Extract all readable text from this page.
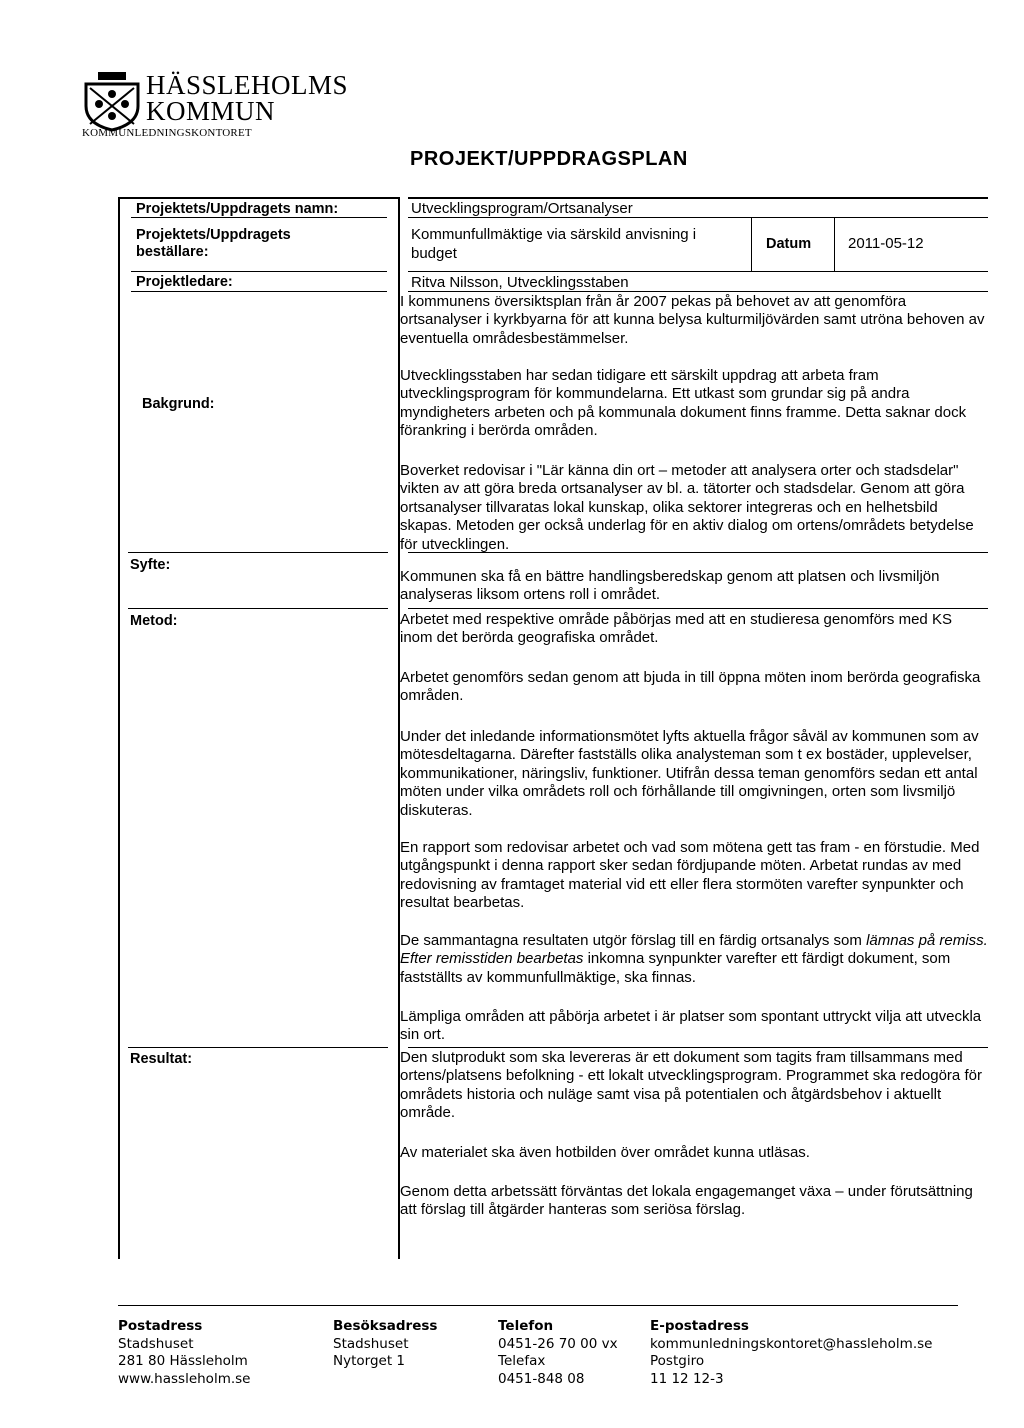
HÄSSLEHOLMS
KOMMUN
KOMMUNLEDNINGSKONTORET
PROJEKT/UPPDRAGSPLAN
Projektets/Uppdragets namn:
Projektets/Uppdragets
beställare:
Projektledare:
Bakgrund:
Syfte:
Metod:
Resultat:
Utvecklingsprogram/Ortsanalyser
Kommunfullmäktige via särskild anvisning i
budget
Datum 2011-05-12
Ritva Nilsson, Utvecklingsstaben

I kommunens översiktsplan från år 2007 pekas på behovet av att genomföra ortsanalyser i kyrkbyarna för att kunna belysa kulturmiljövärden samt utröna behoven av eventuella områdesbestämmelser.

Utvecklingsstaben har sedan tidigare ett särskilt uppdrag att arbeta fram utvecklingsprogram för kommundelarna. Ett utkast som grundar sig på andra myndigheters arbeten och på kommunala dokument finns framme. Detta saknar dock förankring i berörda områden.

Boverket redovisar i "Lär känna din ort – metoder att analysera orter och stadsdelar" vikten av att göra breda ortsanalyser av bl. a. tätorter och stadsdelar. Genom att göra ortsanalyser tillvaratas lokal kunskap, olika sektorer integreras och en helhetsbild skapas. Metoden ger också underlag för en aktiv dialog om ortens/områdets betydelse för utvecklingen.

Kommunen ska få en bättre handlingsberedskap genom att platsen och livsmiljön analyseras liksom ortens roll i området.

Arbetet med respektive område påbörjas med att en studieresa genomförs med KS inom det berörda geografiska området.

Arbetet genomförs sedan genom att bjuda in till öppna möten inom berörda geografiska områden.

Under det inledande informationsmötet lyfts aktuella frågor såväl av kommunen som av mötesdeltagarna. Därefter fastställs olika analysteman som t ex bostäder, upplevelser, kommunikationer, näringsliv, funktioner. Utifrån dessa teman genomförs sedan ett antal möten under vilka områdets roll och förhållande till omgivningen, orten som livsmiljö diskuteras.

En rapport som redovisar arbetet och vad som mötena gett tas fram - en förstudie. Med utgångspunkt i denna rapport sker sedan fördjupande möten. Arbetat rundas av med redovisning av framtaget material vid ett eller flera stormöten varefter synpunkter och resultat bearbetas.

De sammantagna resultaten utgör förslag till en färdig ortsanalys som lämnas på remiss. Efter remisstiden bearbetas inkomna synpunkter varefter ett färdigt dokument, som fastställts av kommunfullmäktige, ska finnas.

Lämpliga områden att påbörja arbetet i är platser som spontant uttryckt vilja att utveckla sin ort.

Den slutprodukt som ska levereras är ett dokument som tagits fram tillsammans med ortens/platsens befolkning - ett lokalt utvecklingsprogram. Programmet ska redogöra för områdets historia och nuläge samt visa på potentialen och åtgärdsbehov i aktuellt område.

Av materialet ska även hotbilden över området kunna utläsas.

Genom detta arbetssätt förväntas det lokala engagemanget växa – under förutsättning att förslag till åtgärder hanteras som seriösa förslag.

Postadress
Stadshuset
281 80 Hässleholm
www.hassleholm.se
Besöksadress
Stadshuset
Nytorget 1
Telefon
0451-26 70 00 vx
Telefax
0451-848 08
E-postadress
kommunledningskontoret@hassleholm.se
Postgiro
11 12 12-3
